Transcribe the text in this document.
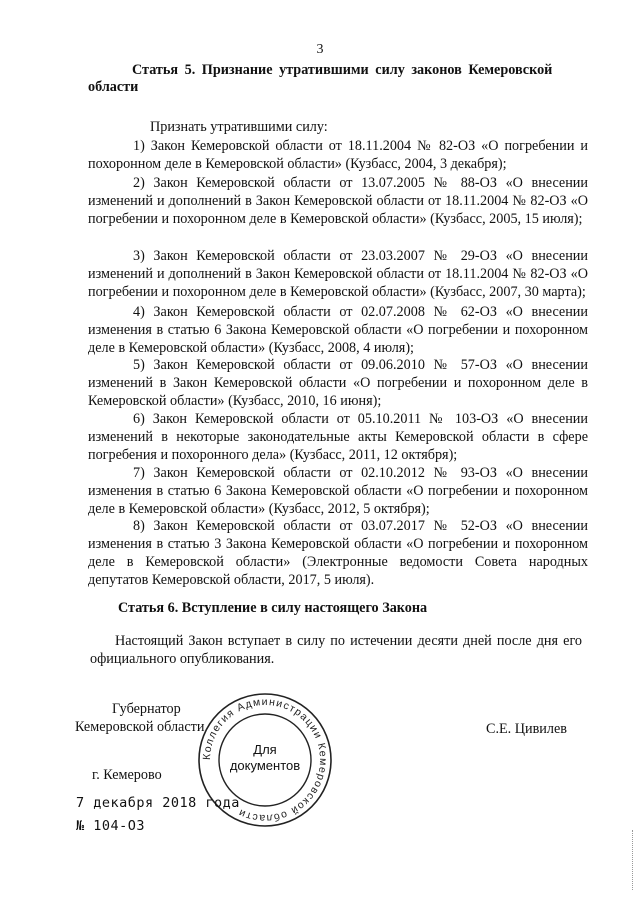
3
Статья 5. Признание утратившими силу законов Кемеровской
области
Признать утратившими силу:
1) Закон Кемеровской области от 18.11.2004 № 82-ОЗ «О погребении и похоронном деле в Кемеровской области» (Кузбасс, 2004, 3 декабря);
2) Закон Кемеровской области от 13.07.2005 № 88-ОЗ «О внесении изменений и дополнений в Закон Кемеровской области от 18.11.2004 № 82-ОЗ «О погребении и похоронном деле в Кемеровской области» (Кузбасс, 2005, 15 июля);
3) Закон Кемеровской области от 23.03.2007 № 29-ОЗ «О внесении изменений и дополнений в Закон Кемеровской области от 18.11.2004 № 82-ОЗ «О погребении и похоронном деле в Кемеровской области» (Кузбасс, 2007, 30 марта);
4) Закон Кемеровской области от 02.07.2008 № 62-ОЗ «О внесении изменения в статью 6 Закона Кемеровской области «О погребении и похоронном деле в Кемеровской области» (Кузбасс, 2008, 4 июля);
5) Закон Кемеровской области от 09.06.2010 № 57-ОЗ «О внесении изменений в Закон Кемеровской области «О погребении и похоронном деле в Кемеровской области» (Кузбасс, 2010, 16 июня);
6) Закон Кемеровской области от 05.10.2011 № 103-ОЗ «О внесении изменений в некоторые законодательные акты Кемеровской области в сфере погребения и похоронного дела» (Кузбасс, 2011, 12 октября);
7) Закон Кемеровской области от 02.10.2012 № 93-ОЗ «О внесении изменения в статью 6 Закона Кемеровской области «О погребении и похоронном деле в Кемеровской области» (Кузбасс, 2012, 5 октября);
8) Закон Кемеровской области от 03.07.2017 № 52-ОЗ «О внесении изменения в статью 3 Закона Кемеровской области «О погребении и похоронном деле в Кемеровской области» (Электронные ведомости Совета народных депутатов Кемеровской области, 2017, 5 июля).
Статья 6. Вступление в силу настоящего Закона
Настоящий Закон вступает в силу по истечении десяти дней после дня его официального опубликования.
Губернатор
Кемеровской области	С.Е. Цивилев
Коллегия Администрации Кемеровской области
Для
документов
г. Кемерово
7 декабря 2018 года
№ 104-ОЗ
